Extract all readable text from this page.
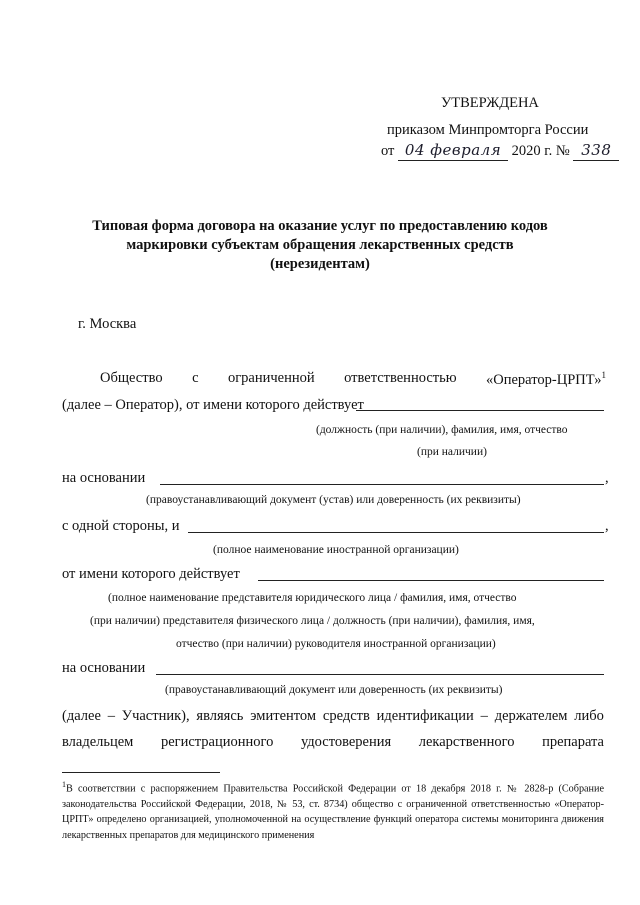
УТВЕРЖДЕНА
приказом Минпромторга России
от 04 февраля 2020 г. № 338
Типовая форма договора на оказание услуг по предоставлению кодов
маркировки субъектам обращения лекарственных средств
(нерезидентам)
г. Москва
Общество с ограниченной ответственностью «Оператор-ЦРПТ»$^1$
(далее – Оператор), от имени которого действует
(должность (при наличии), фамилия, имя, отчество
(при наличии)
на основании	,
(правоустанавливающий документ (устав) или доверенность (их реквизиты)
с одной стороны, и	,
(полное наименование иностранной организации)
от имени которого действует
(полное наименование представителя юридического лица / фамилия, имя, отчество
(при наличии) представителя физического лица / должность (при наличии), фамилия, имя,
отчество (при наличии) руководителя иностранной организации)
на основании
(правоустанавливающий документ или доверенность (их реквизиты)
(далее – Участник), являясь эмитентом средств идентификации – держателем либо
владельцем регистрационного удостоверения лекарственного препарата
$^1$В соответствии с распоряжением Правительства Российской Федерации от 18 декабря 2018 г. № 2828-р (Собрание законодательства Российской Федерации, 2018, № 53, ст. 8734) общество с ограниченной ответственностью «Оператор-ЦРПТ» определено организацией, уполномоченной на осуществление функций оператора системы мониторинга движения лекарственных препаратов для медицинского применения
